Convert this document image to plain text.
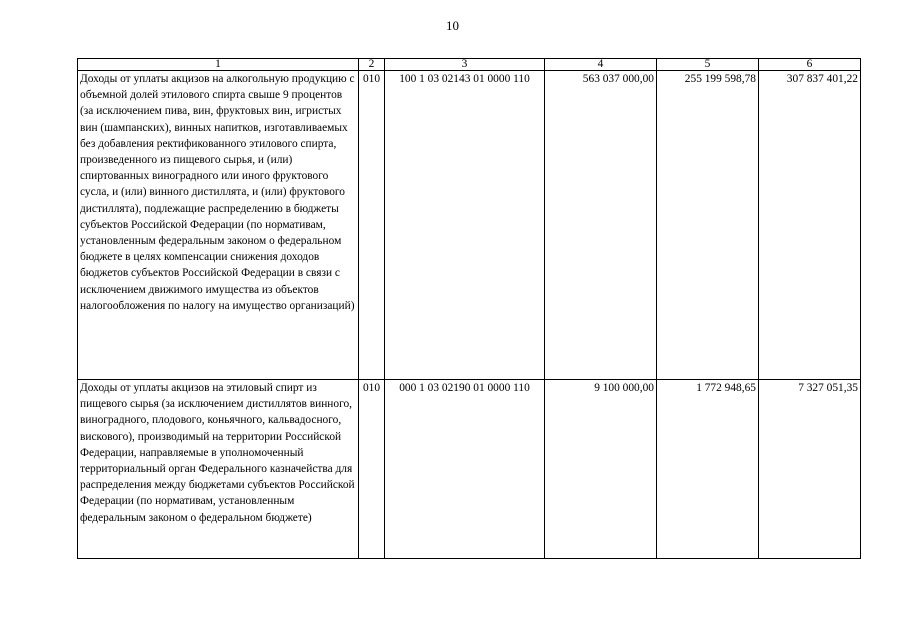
10
1	2	3	4	5	6
Доходы от уплаты акцизов на алкогольную продукцию с объемной долей этилового спирта свыше 9 процентов (за исключением пива, вин, фруктовых вин, игристых вин (шампанских), винных напитков, изготавливаемых без добавления ректификованного этилового спирта, произведенного из пищевого сырья, и (или) спиртованных виноградного или иного фруктового сусла, и (или) винного дистиллята, и (или) фруктового дистиллята), подлежащие распределению в бюджеты субъектов Российской Федерации (по нормативам, установленным федеральным законом о федеральном бюджете в целях компенсации снижения доходов бюджетов субъектов Российской Федерации в связи с исключением движимого имущества из объектов налогообложения по налогу на имущество организаций)	010	100 1 03 02143 01 0000 110	563 037 000,00	255 199 598,78	307 837 401,22
Доходы от уплаты акцизов на этиловый спирт из пищевого сырья (за исключением дистиллятов винного, виноградного, плодового, коньячного, кальвадосного, вискового), производимый на территории Российской Федерации, направляемые в уполномоченный территориальный орган Федерального казначейства для распределения между бюджетами субъектов Российской Федерации (по нормативам, установленным федеральным законом о федеральном бюджете)	010	000 1 03 02190 01 0000 110	9 100 000,00	1 772 948,65	7 327 051,35
